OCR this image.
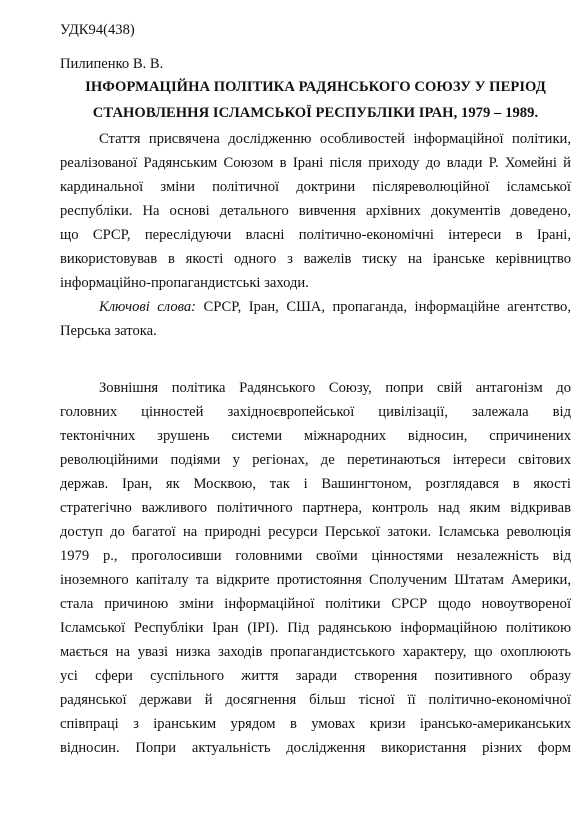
УДК94(438)

Пилипенко В. В.

ІНФОРМАЦІЙНА ПОЛІТИКА РАДЯНСЬКОГО СОЮЗУ У ПЕРІОД

СТАНОВЛЕННЯ ІСЛАМСЬКОЇ РЕСПУБЛІКИ ІРАН, 1979 – 1989.

Стаття присвячена дослідженню особливостей інформаційної політики,

реалізованої Радянським Союзом в Ірані після приходу до влади Р. Хомейні й

кардинальної зміни політичної доктрини післяреволюційної ісламської

республіки. На основі детального вивчення архівних документів доведено,

що СРСР, переслідуючи власні політично-економічні інтереси в Ірані,

використовував в якості одного з важелів тиску на іранське керівництво

інформаційно-пропагандистські заходи.

Ключові слова: СРСР, Іран, США, пропаганда, інформаційне агентство,

Перська затока.

Зовнішня політика Радянського Союзу, попри свій антагонізм до

головних цінностей західноєвропейської цивілізації, залежала від

тектонічних зрушень системи міжнародних відносин, спричинених

революційними подіями у регіонах, де перетинаються інтереси світових

держав. Іран, як Москвою, так і Вашингтоном, розглядався в якості

стратегічно важливого політичного партнера, контроль над яким відкривав

доступ до багатої на природні ресурси Перської затоки. Ісламська революція

1979 р., проголосивши головними своїми цінностями незалежність від

іноземного капіталу та відкрите протистояння Сполученим Штатам Америки,

стала причиною зміни інформаційної політики СРСР щодо новоутвореної

Ісламської Республіки Іран (ІРІ). Під радянською інформаційною політикою

мається на увазі низка заходів пропагандистського характеру, що охоплюють

усі сфери суспільного життя заради створення позитивного образу

радянської держави й досягнення більш тісної її політично-економічної

співпраці з іранським урядом в умовах кризи ірансько-американських

відносин. Попри актуальність дослідження використання різних форм
